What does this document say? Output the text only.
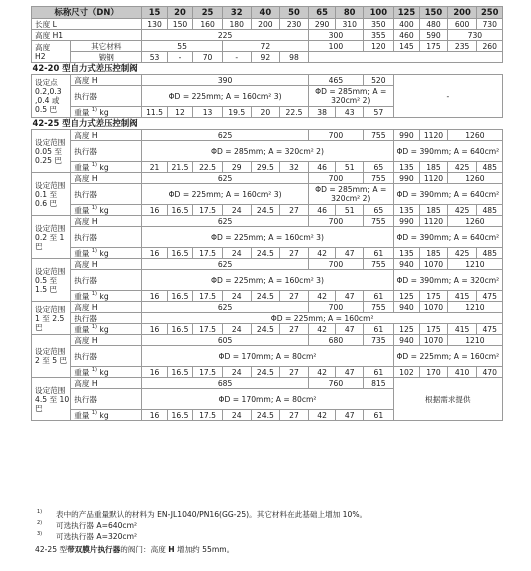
标称尺寸（DN）		15	20	25	32	40	50	65	80	100	125	150	200	250
长度 L		130	150	160	180	200	230	290	310	350	400	480	600	730
高度 H1		225						300		355	460	590	730	
高度
H2	其它材料	55			72			100		120	145	175	235	260
	锻钢	53	-	70	-	92	98							
42-20 型自力式差压控制阀														
设定点 0.2,0.3 ,0.4 或 0.5 巴	高度 H	390						465		520	-			
	执行器	ΦD = 225mm; A = 160cm² 3)						ΦD = 285mm; A = 320cm² 2)						
	重量 $^{1)}$ kg	11.5	12	13	19.5	20	22.5	38	43	57				
42-25 型自力式差压控制阀														
设定范围 0.05 至 0.25 巴	高度 H	625						700		755	990	1120	1260	
	执行器	ΦD = 285mm; A = 320cm² 2)									ΦD = 390mm; A = 640cm²			
	重量 $^{1)}$ kg	21	21.5	22.5	29	29.5	32	46	51	65	135	185	425	485
设定范围 0.1 至 0.6 巴	高度 H	625						700		755	990	1120	1260	
	执行器	ΦD = 225mm; A = 160cm² 3)						ΦD = 285mm; A = 320cm² 2)			ΦD = 390mm; A = 640cm²			
	重量 $^{1)}$ kg	16	16.5	17.5	24	24.5	27	46	51	65	135	185	425	485
设定范围 0.2 至 1 巴	高度 H	625						700		755	990	1120	1260	
	执行器	ΦD = 225mm; A = 160cm² 3)									ΦD = 390mm; A = 640cm²			
	重量 $^{1)}$ kg	16	16.5	17.5	24	24.5	27	42	47	61	135	185	425	485
设定范围 0.5 至 1.5 巴	高度 H	625						700		755	940	1070	1210	
	执行器	ΦD = 225mm; A = 160cm² 3)									ΦD = 390mm; A = 320cm²			
	重量 $^{1)}$ kg	16	16.5	17.5	24	24.5	27	42	47	61	125	175	415	475
设定范围 1 至 2.5 巴	高度 H	625						700		755	940	1070	1210	
	执行器	ΦD = 225mm; A = 160cm²												
	重量 $^{1)}$ kg	16	16.5	17.5	24	24.5	27	42	47	61	125	175	415	475
设定范围 2 至 5 巴	高度 H	605						680		735	940	1070	1210	
	执行器	ΦD = 170mm; A = 80cm²									ΦD = 225mm; A = 160cm²			
	重量 $^{1)}$ kg	16	16.5	17.5	24	24.5	27	42	47	61	102	170	410	470
设定范围 4.5 至 10 巴	高度 H	685						760		815	根据需求提供			
	执行器	ΦD = 170mm; A = 80cm²												
	重量 $^{1)}$ kg	16	16.5	17.5	24	24.5	27	42	47	61				
1) 表中的产品重量默认的材料为 EN-JL1040/PN16(GG-25)。其它材料在此基础上增加 10%。
2) 可选执行器 A=640cm²
3) 可选执行器 A=320cm²
42-25 型带双膜片执行器的阀门：高度 H 增加约 55mm。
